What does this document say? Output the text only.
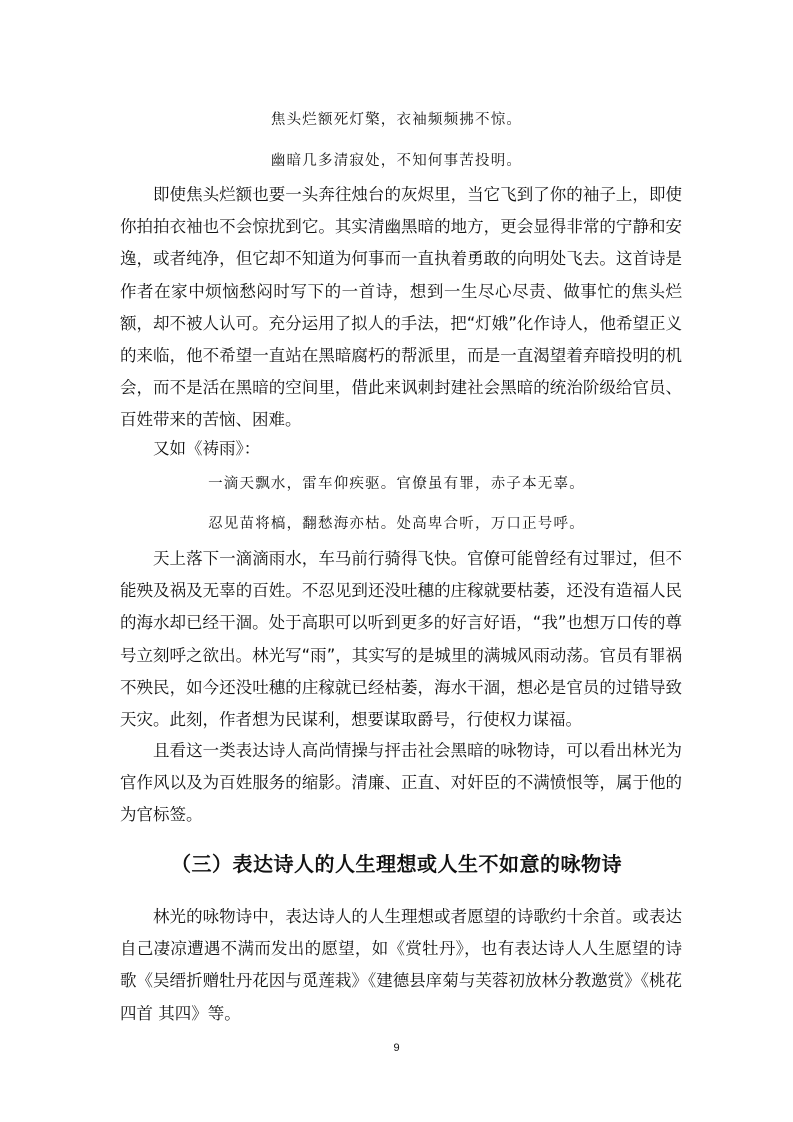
焦头烂额死灯檠，衣袖频频拂不惊。
幽暗几多清寂处，不知何事苦投明。

即使焦头烂额也要一头奔往烛台的灰烬里，当它飞到了你的袖子上，即使你拍拍衣袖也不会惊扰到它。其实清幽黑暗的地方，更会显得非常的宁静和安逸，或者纯净，但它却不知道为何事而一直执着勇敢的向明处飞去。这首诗是作者在家中烦恼愁闷时写下的一首诗，想到一生尽心尽责、做事忙的焦头烂额，却不被人认可。充分运用了拟人的手法，把“灯娥”化作诗人，他希望正义的来临，他不希望一直站在黑暗腐朽的帮派里，而是一直渴望着弃暗投明的机会，而不是活在黑暗的空间里，借此来讽刺封建社会黑暗的统治阶级给官员、百姓带来的苦恼、困难。

又如《祷雨》：
一滴天飘水，雷车仰疾驱。官僚虽有罪，赤子本无辜。
忍见苗将槁，翻愁海亦枯。处高卑合听，万口正号呼。

天上落下一滴滴雨水，车马前行骑得飞快。官僚可能曾经有过罪过，但不能殃及祸及无辜的百姓。不忍见到还没吐穗的庄稼就要枯萎，还没有造福人民的海水却已经干涸。处于高职可以听到更多的好言好语，“我”也想万口传的尊号立刻呼之欲出。林光写“雨”，其实写的是城里的满城风雨动荡。官员有罪祸不殃民，如今还没吐穗的庄稼就已经枯萎，海水干涸，想必是官员的过错导致天灾。此刻，作者想为民谋利，想要谋取爵号，行使权力谋福。

且看这一类表达诗人高尚情操与抨击社会黑暗的咏物诗，可以看出林光为官作风以及为百姓服务的缩影。清廉、正直、对奸臣的不满愤恨等，属于他的为官标签。

（三）表达诗人的人生理想或人生不如意的咏物诗

林光的咏物诗中，表达诗人的人生理想或者愿望的诗歌约十余首。或表达自己凄凉遭遇不满而发出的愿望，如《赏牡丹》，也有表达诗人人生愿望的诗歌《吴缙折赠牡丹花因与觅莲栽》《建德县庠菊与芙蓉初放林分教邀赏》《桃花四首 其四》等。

9
